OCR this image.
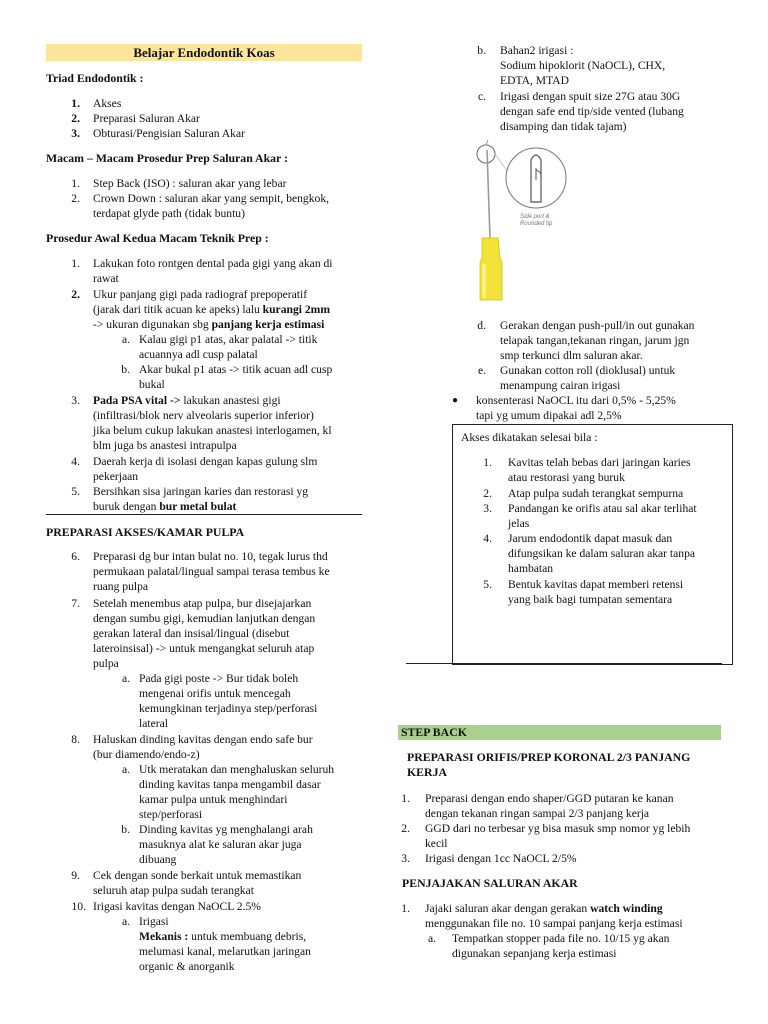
Belajar Endodontik Koas
Triad Endodontik :
1. Akses
2. Preparasi Saluran Akar
3. Obturasi/Pengisian Saluran Akar
Macam – Macam Prosedur Prep Saluran Akar :
1. Step Back (ISO) : saluran akar yang lebar
2. Crown Down : saluran akar yang sempit, bengkok,
terdapat glyde path (tidak buntu)
Prosedur Awal Kedua Macam Teknik Prep :
1. Lakukan foto rontgen dental pada gigi yang akan di
rawat
2. Ukur panjang gigi pada radiograf prepoperatif
(jarak dari titik acuan ke apeks) lalu kurangi 2mm
-> ukuran digunakan sbg panjang kerja estimasi
a. Kalau gigi p1 atas, akar palatal -> titik
acuannya adl cusp palatal
b. Akar bukal p1 atas -> titik acuan adl cusp
bukal
3. Pada PSA vital -> lakukan anastesi gigi
(infiltrasi/blok nerv alveolaris superior inferior)
jika belum cukup lakukan anastesi interlogamen, kl
blm juga bs anastesi intrapulpa
4. Daerah kerja di isolasi dengan kapas gulung slm
pekerjaan
5. Bersihkan sisa jaringan karies dan restorasi yg
buruk dengan bur metal bulat
PREPARASI AKSES/KAMAR PULPA
6. Preparasi dg bur intan bulat no. 10, tegak lurus thd
permukaan palatal/lingual sampai terasa tembus ke
ruang pulpa
7. Setelah menembus atap pulpa, bur disejajarkan
dengan sumbu gigi, kemudian lanjutkan dengan
gerakan lateral dan insisal/lingual (disebut
lateroinsisal) -> untuk mengangkat seluruh atap
pulpa
a. Pada gigi poste -> Bur tidak boleh
mengenai orifis untuk mencegah
kemungkinan terjadinya step/perforasi
lateral
8. Haluskan dinding kavitas dengan endo safe bur
(bur diamendo/endo-z)
a. Utk meratakan dan menghaluskan seluruh
dinding kavitas tanpa mengambil dasar
kamar pulpa untuk menghindari
step/perforasi
b. Dinding kavitas yg menghalangi arah
masuknya alat ke saluran akar juga
dibuang
9. Cek dengan sonde berkait untuk memastikan
seluruh atap pulpa sudah terangkat
10. Irigasi kavitas dengan NaOCL 2.5%
a. Irigasi
Mekanis : untuk membuang debris,
melumasi kanal, melarutkan jaringan
organic & anorganik
b. Bahan2 irigasi :
Sodium hipoklorit (NaOCL), CHX,
EDTA, MTAD
c. Irigasi dengan spuit size 27G atau 30G
dengan safe end tip/side vented (lubang
disamping dan tidak tajam)
Side port &
Rounded tip
d. Gerakan dengan push-pull/in out gunakan
telapak tangan,tekanan ringan, jarum jgn
smp terkunci dlm saluran akar.
e. Gunakan cotton roll (dioklusal) untuk
menampung cairan irigasi
● konsenterasi NaOCL itu dari 0,5% - 5,25%
tapi yg umum dipakai adl 2,5%
Akses dikatakan selesai bila :
1. Kavitas telah bebas dari jaringan karies
atau restorasi yang buruk
2. Atap pulpa sudah terangkat sempurna
3. Pandangan ke orifis atau sal akar terlihat
jelas
4. Jarum endodontik dapat masuk dan
difungsikan ke dalam saluran akar tanpa
hambatan
5. Bentuk kavitas dapat memberi retensi
yang baik bagi tumpatan sementara
STEP BACK
PREPARASI ORIFIS/PREP KORONAL 2/3 PANJANG
KERJA
1. Preparasi dengan endo shaper/GGD putaran ke kanan
dengan tekanan ringan sampai 2/3 panjang kerja
2. GGD dari no terbesar yg bisa masuk smp nomor yg lebih
kecil
3. Irigasi dengan 1cc NaOCL 2/5%
PENJAJAKAN SALURAN AKAR
1. Jajaki saluran akar dengan gerakan watch winding
menggunakan file no. 10 sampai panjang kerja estimasi
a. Tempatkan stopper pada file no. 10/15 yg akan
digunakan sepanjang kerja estimasi
